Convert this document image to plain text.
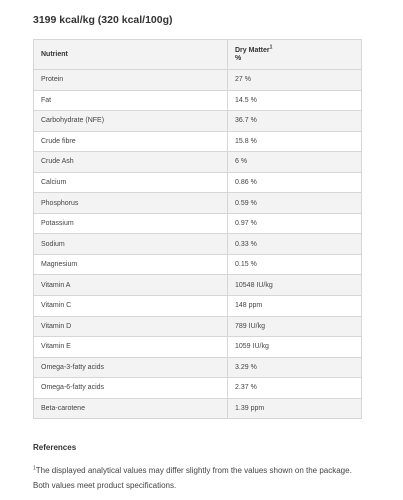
3199 kcal/kg (320 kcal/100g)
Nutrient	Dry Matter$^1$
%
Protein	27 %
Fat	14.5 %
Carbohydrate (NFE)	36.7 %
Crude fibre	15.8 %
Crude Ash	6 %
Calcium	0.86 %
Phosphorus	0.59 %
Potassium	0.97 %
Sodium	0.33 %
Magnesium	0.15 %
Vitamin A	10548 IU/kg
Vitamin C	148 ppm
Vitamin D	789 IU/kg
Vitamin E	1059 IU/kg
Omega-3-fatty acids	3.29 %
Omega-6-fatty acids	2.37 %
Beta-carotene	1.39 ppm
References
$^1$The displayed analytical values may differ slightly from the values shown on the package. Both values meet product specifications.
